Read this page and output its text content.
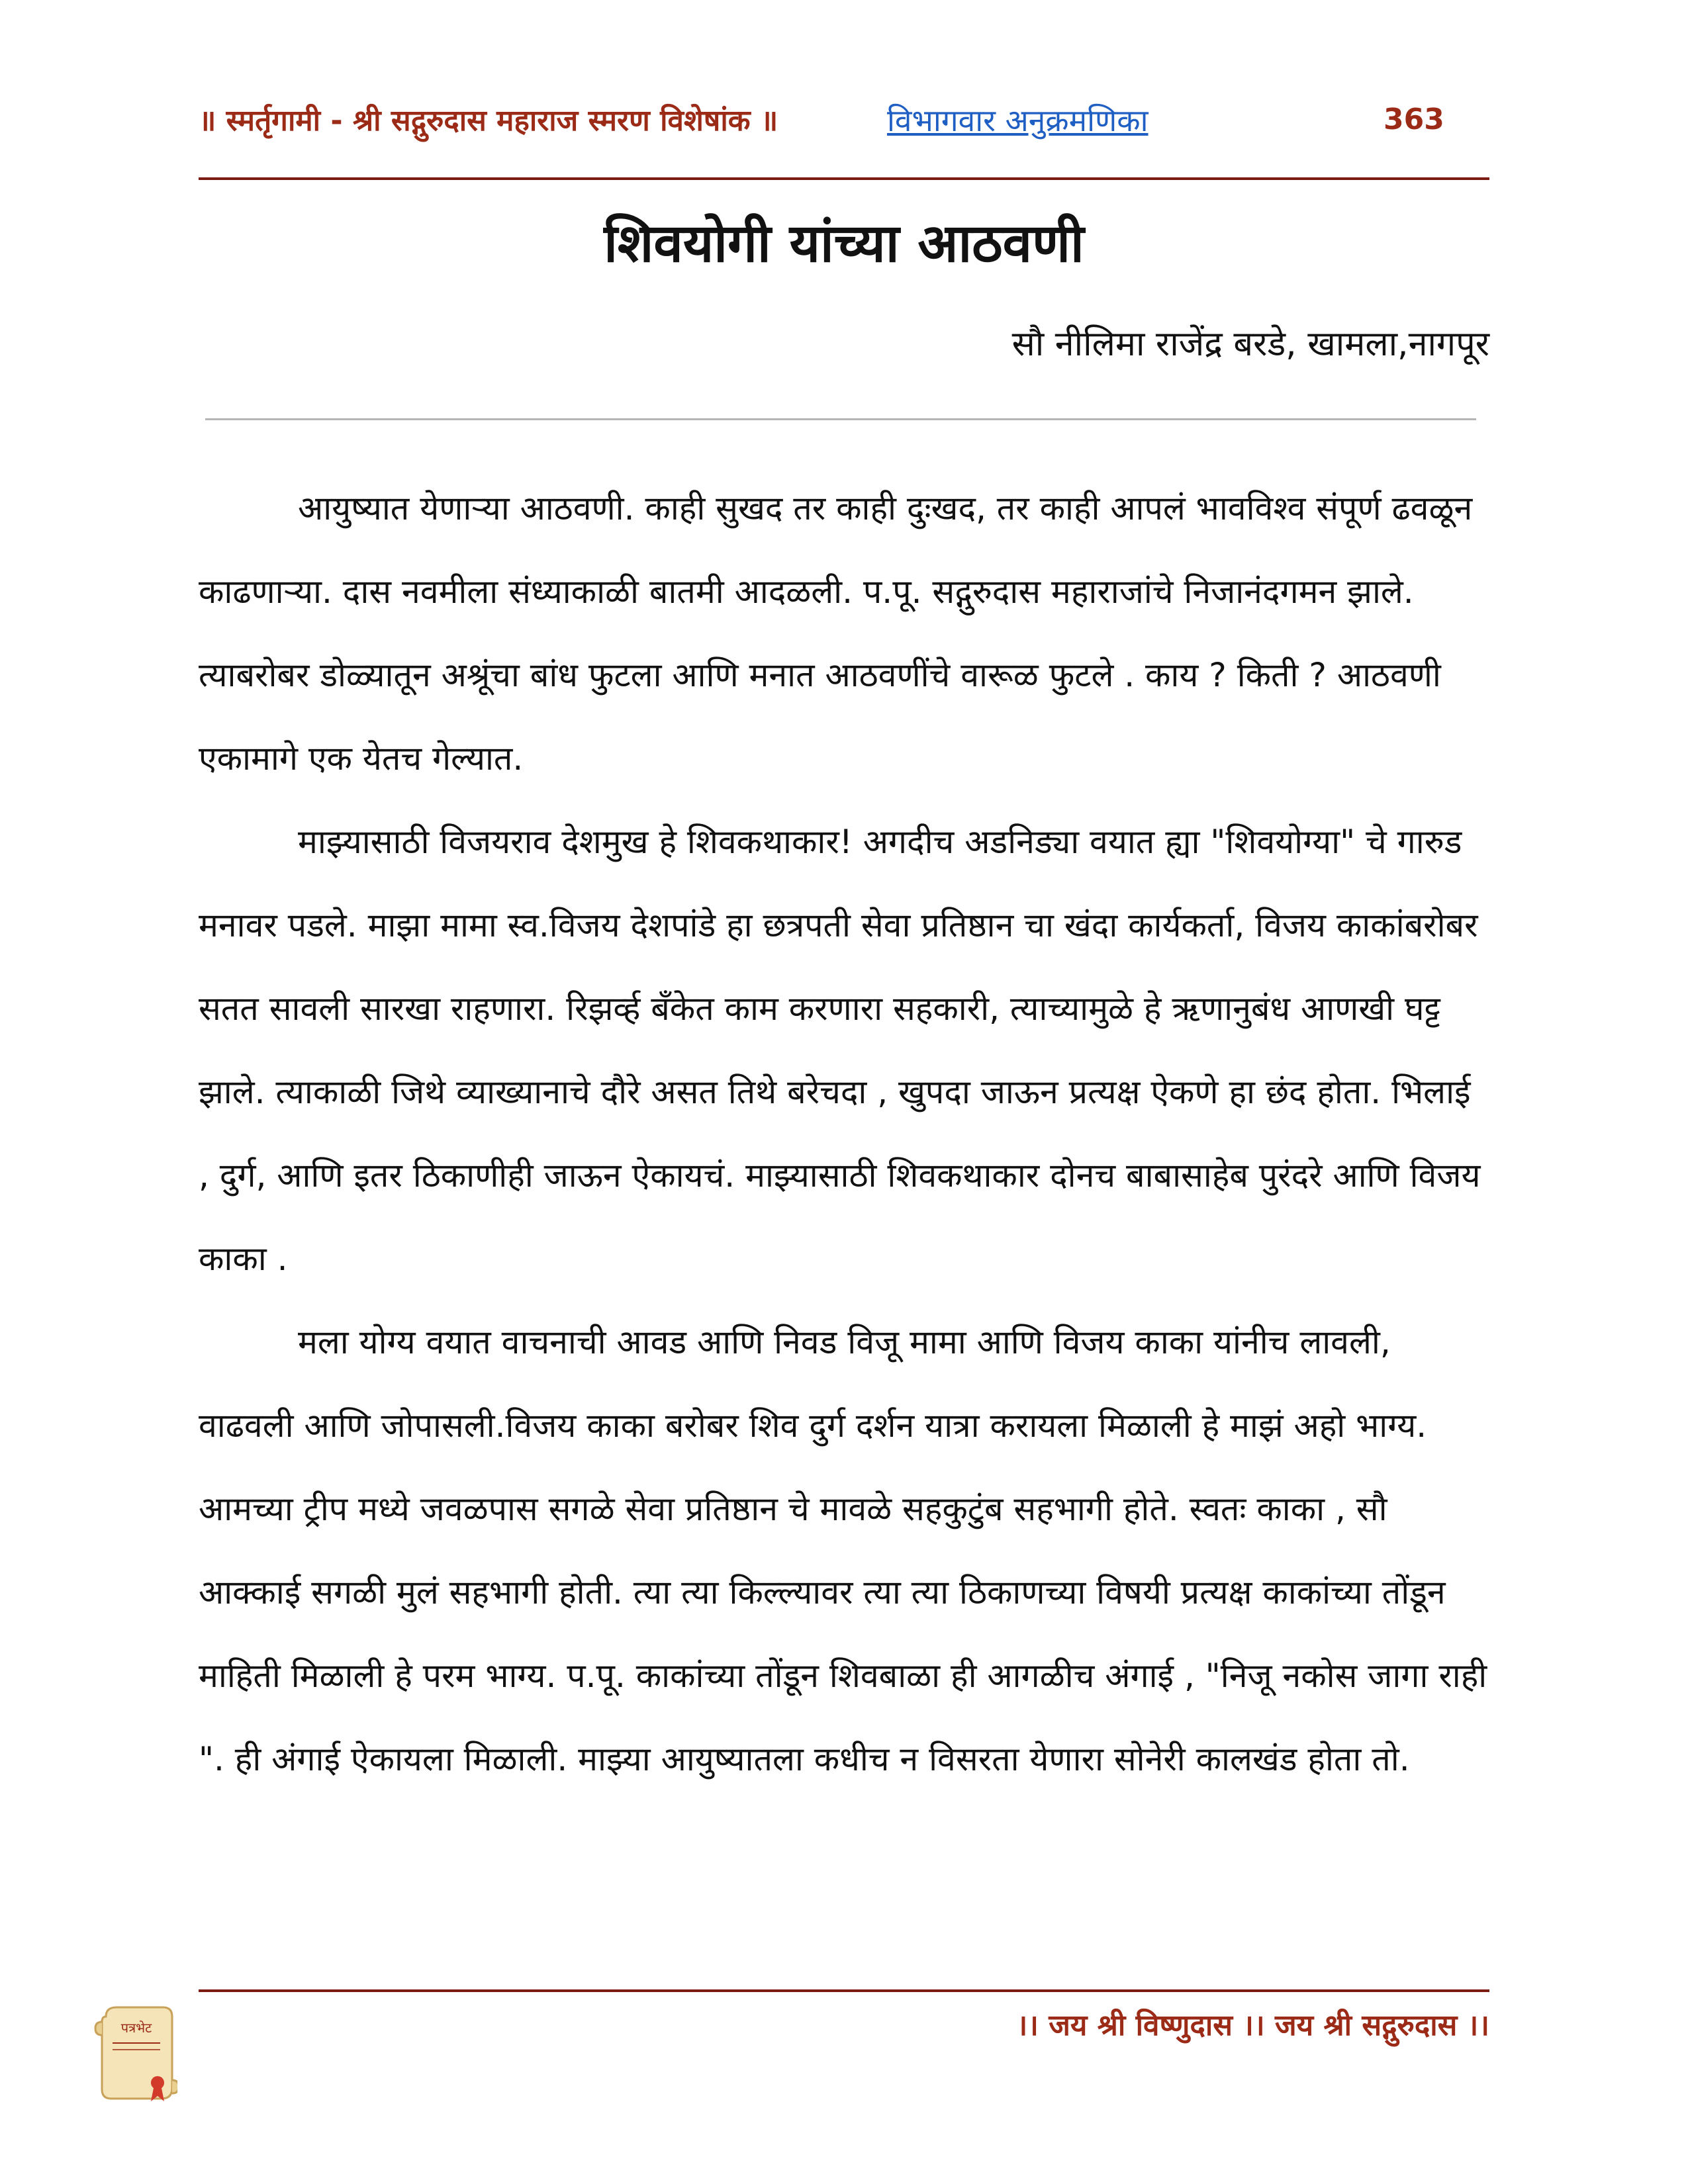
॥ स्मर्तृगामी - श्री सद्गुरुदास महाराज स्मरण विशेषांक ॥	विभागवार अनुक्रमणिका	363
शिवयोगी यांच्या आठवणी
सौ नीलिमा राजेंद्र बरडे, खामला,नागपूर

आयुष्यात येणाऱ्या आठवणी. काही सुखद तर काही दुःखद, तर काही आपलं भावविश्व संपूर्ण ढवळून काढणाऱ्या. दास नवमीला संध्याकाळी बातमी आदळली. प.पू. सद्गुरुदास महाराजांचे निजानंदगमन झाले. त्याबरोबर डोळ्यातून अश्रूंचा बांध फुटला आणि मनात आठवणींचे वारूळ फुटले . काय ? किती ? आठवणी एकामागे एक येतच गेल्यात.

माझ्यासाठी विजयराव देशमुख हे शिवकथाकार! अगदीच अडनिड्या वयात ह्या "शिवयोग्या" चे गारुड मनावर पडले. माझा मामा स्व.विजय देशपांडे हा छत्रपती सेवा प्रतिष्ठान चा खंदा कार्यकर्ता, विजय काकांबरोबर सतत सावली सारखा राहणारा. रिझर्व्ह बँकेत काम करणारा सहकारी, त्याच्यामुळे हे ऋणानुबंध आणखी घट्ट झाले. त्याकाळी जिथे व्याख्यानाचे दौरे असत तिथे बरेचदा , खुपदा जाऊन प्रत्यक्ष ऐकणे हा छंद होता. भिलाई , दुर्ग, आणि इतर ठिकाणीही जाऊन ऐकायचं. माझ्यासाठी शिवकथाकार दोनच बाबासाहेब पुरंदरे आणि विजय काका .

मला योग्य वयात वाचनाची आवड आणि निवड विजू मामा आणि विजय काका यांनीच लावली, वाढवली आणि जोपासली.विजय काका बरोबर शिव दुर्ग दर्शन यात्रा करायला मिळाली हे माझं अहो भाग्य. आमच्या ट्रीप मध्ये जवळपास सगळे सेवा प्रतिष्ठान चे मावळे सहकुटुंब सहभागी होते. स्वतः काका , सौ आक्काई सगळी मुलं सहभागी होती. त्या त्या किल्ल्यावर त्या त्या ठिकाणच्या विषयी प्रत्यक्ष काकांच्या तोंडून माहिती मिळाली हे परम भाग्य. प.पू. काकांच्या तोंडून शिवबाळा ही आगळीच अंगाई , "निजू नकोस जागा राही ". ही अंगाई ऐकायला मिळाली. माझ्या आयुष्यातला कधीच न विसरता येणारा सोनेरी कालखंड होता तो.

पत्रभेट	।। जय श्री विष्णुदास ।। जय श्री सद्गुरुदास ।।
